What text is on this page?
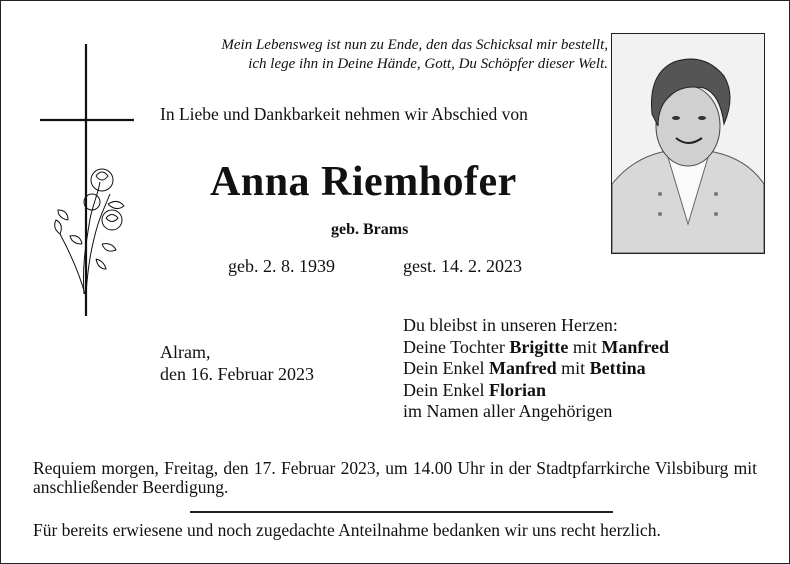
Mein Lebensweg ist nun zu Ende, den das Schicksal mir bestellt,
ich lege ihn in Deine Hände, Gott, Du Schöpfer dieser Welt.
In Liebe und Dankbarkeit nehmen wir Abschied von
Anna Riemhofer
geb. Brams
geb. 2. 8. 1939	gest. 14. 2. 2023
Alram,
den 16. Februar 2023
Du bleibst in unseren Herzen:
Deine Tochter Brigitte mit Manfred
Dein Enkel Manfred mit Bettina
Dein Enkel Florian
im Namen aller Angehörigen
Requiem morgen, Freitag, den 17. Februar 2023, um 14.00 Uhr in der Stadtpfarrkirche Vilsbiburg mit anschließender Beerdigung.
Für bereits erwiesene und noch zugedachte Anteilnahme bedanken wir uns recht herzlich.
